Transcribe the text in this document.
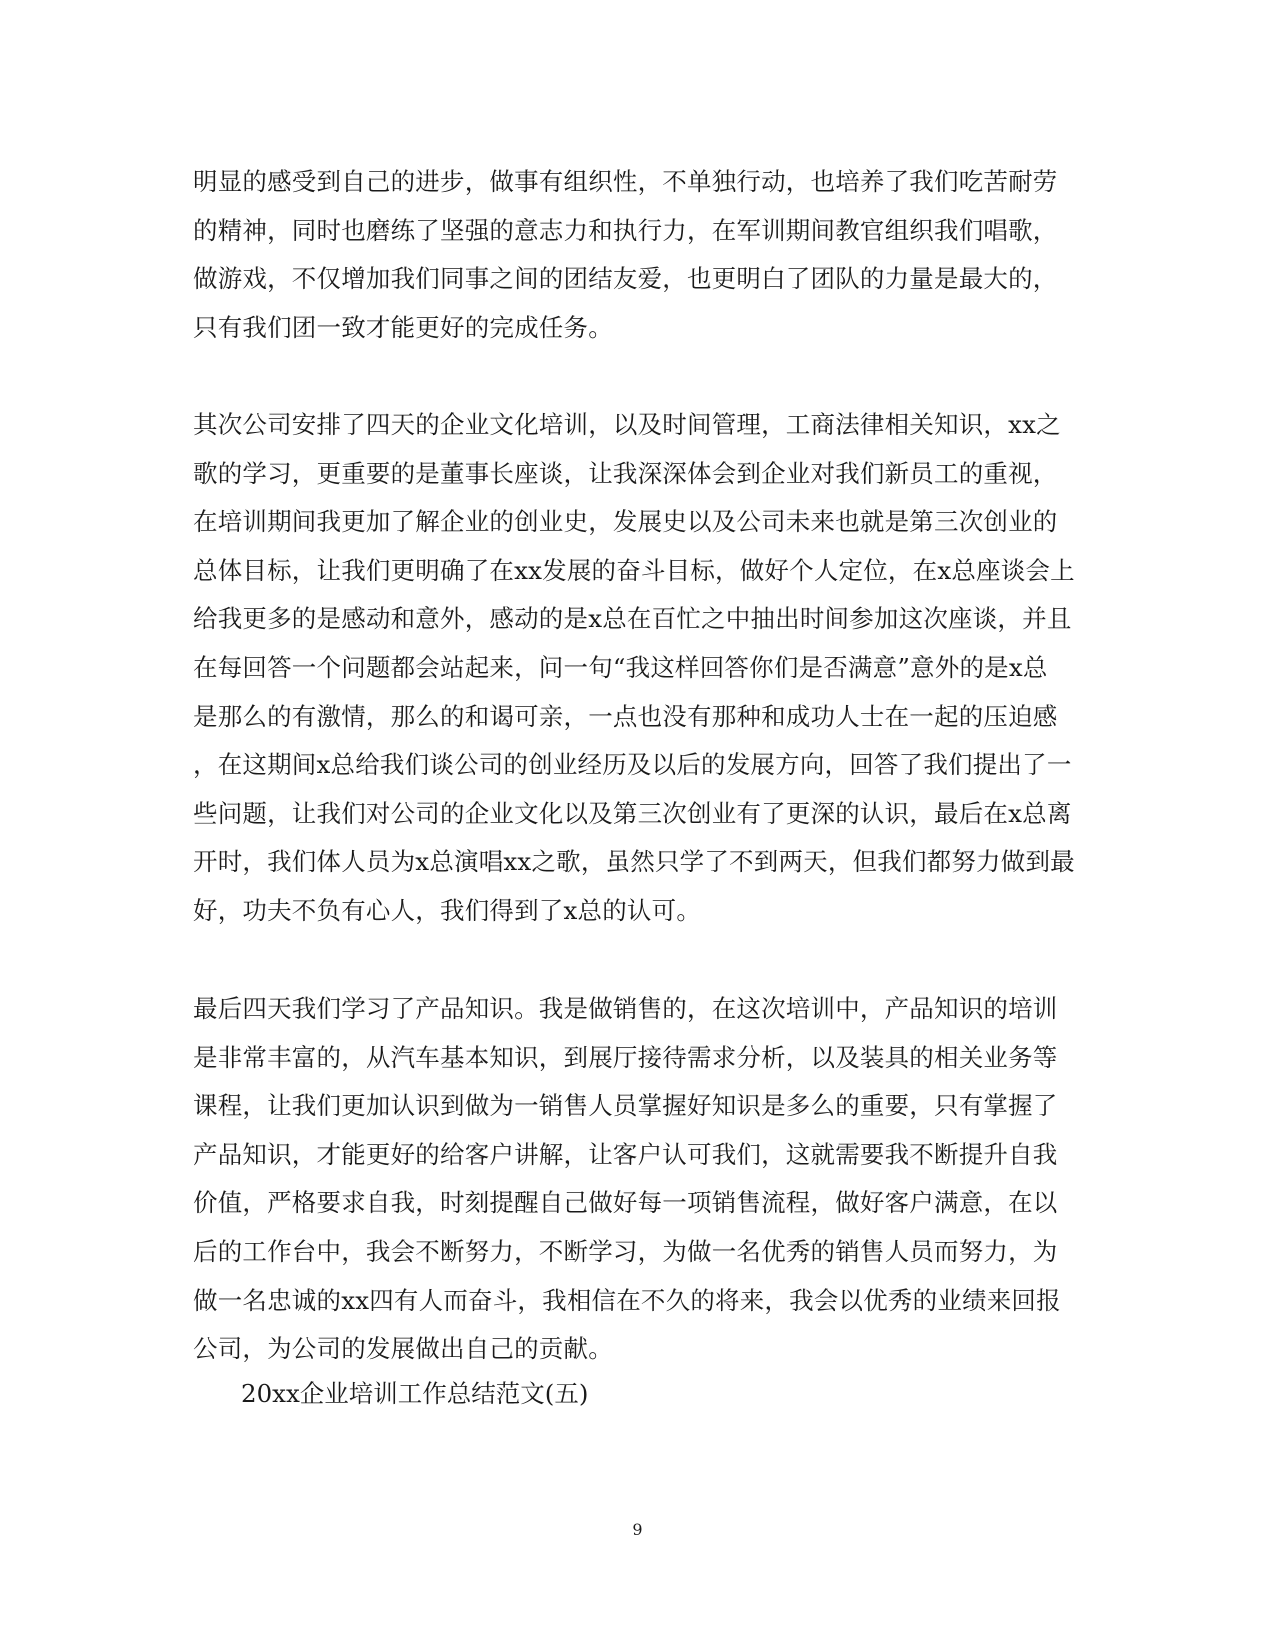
明显的感受到自己的进步，做事有组织性，不单独行动，也培养了我们吃苦耐劳
的精神，同时也磨练了坚强的意志力和执行力，在军训期间教官组织我们唱歌，
做游戏，不仅增加我们同事之间的团结友爱，也更明白了团队的力量是最大的，
只有我们团一致才能更好的完成任务。
其次公司安排了四天的企业文化培训，以及时间管理，工商法律相关知识，xx之
歌的学习，更重要的是董事长座谈，让我深深体会到企业对我们新员工的重视，
在培训期间我更加了解企业的创业史，发展史以及公司未来也就是第三次创业的
总体目标，让我们更明确了在xx发展的奋斗目标，做好个人定位，在x总座谈会上
给我更多的是感动和意外，感动的是x总在百忙之中抽出时间参加这次座谈，并且
在每回答一个问题都会站起来，问一句“我这样回答你们是否满意”意外的是x总
是那么的有激情，那么的和谒可亲，一点也没有那种和成功人士在一起的压迫感
，在这期间x总给我们谈公司的创业经历及以后的发展方向，回答了我们提出了一
些问题，让我们对公司的企业文化以及第三次创业有了更深的认识，最后在x总离
开时，我们体人员为x总演唱xx之歌，虽然只学了不到两天，但我们都努力做到最
好，功夫不负有心人，我们得到了x总的认可。
最后四天我们学习了产品知识。我是做销售的，在这次培训中，产品知识的培训
是非常丰富的，从汽车基本知识，到展厅接待需求分析，以及装具的相关业务等
课程，让我们更加认识到做为一销售人员掌握好知识是多么的重要，只有掌握了
产品知识，才能更好的给客户讲解，让客户认可我们，这就需要我不断提升自我
价值，严格要求自我，时刻提醒自己做好每一项销售流程，做好客户满意，在以
后的工作台中，我会不断努力，不断学习，为做一名优秀的销售人员而努力，为
做一名忠诚的xx四有人而奋斗，我相信在不久的将来，我会以优秀的业绩来回报
公司，为公司的发展做出自己的贡献。
20xx企业培训工作总结范文(五)
9
